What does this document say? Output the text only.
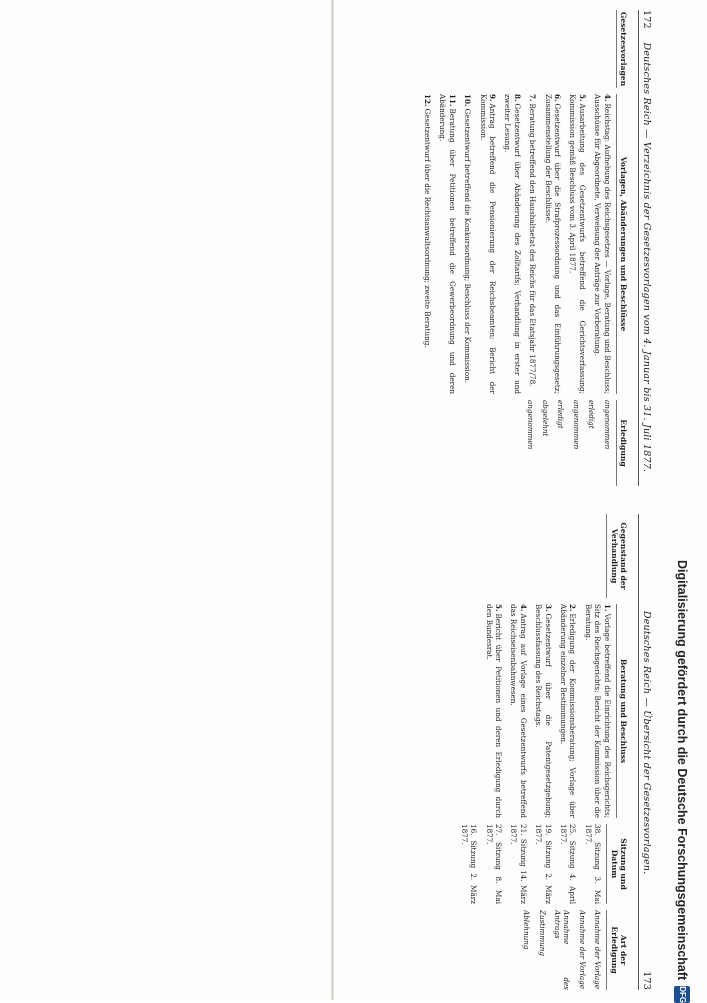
172
Deutsches Reich — Verzeichnis der Gesetzesvorlagen vom 4. Januar bis 31. Juli 1877.
Gesetzesvorlagen
Vorlagen, Abänderungen und Beschlüsse
4.Reichstag: Aufhebung des Reichsgesetzes — Vorlage, Beratung und Beschluss; Ausschüsse für Abgeordnete, Verweisung der Anträge zur Vorberatung.
5.Ausarbeitung des Gesetzentwurfs betreffend die Gerichtsverfassung; Kommission gemäß Beschluss vom 3. April 1877.
6.Gesetzentwurf über die Strafprozessordnung und das Einführungsgesetz; Zusammenstellung der Beschlüsse.
7.Beratung betreffend den Haushaltsetat des Reichs für das Etatsjahr 1877/78.
8.Gesetzentwurf über Abänderung des Zolltarifs; Verhandlung in erster und zweiter Lesung.
9.Antrag betreffend die Pensionierung der Reichsbeamten; Bericht der Kommission.
10.Gesetzentwurf betreffend die Konkursordnung; Beschluss der Kommission.
11.Beratung über Petitionen betreffend die Gewerbeordnung und deren Abänderung.
12.Gesetzentwurf über die Rechtsanwaltsordnung; zweite Beratung.
Erledigung
angenommen
erledigt
angenommen
erledigt
abgelehnt
angenommen
Deutsches Reich — Übersicht der Gesetzesvorlagen.
173
Gegenstand der Verhandlung
Beratung und Beschluss
1.Vorlage betreffend die Einrichtung des Reichsgerichts; Sitz des Reichsgerichts; Bericht der Kommission über die Beratung.
2.Erledigung der Kommissionsberatung; Vorlage über Abänderung einzelner Bestimmungen.
3.Gesetzentwurf über die Patentgesetzgebung; Beschlussfassung des Reichstags.
4.Antrag auf Vorlage eines Gesetzentwurfs betreffend das Reichseisenbahnwesen.
5.Bericht über Petitionen und deren Erledigung durch den Bundesrat.
Sitzung und Datum
38. Sitzung 3. Mai 1877.
25. Sitzung 4. April 1877.
19. Sitzung 2. März 1877.
21. Sitzung 14. März 1877.
27. Sitzung 8. Mai 1877.
16. Sitzung 2. März 1877.
Art der Erledigung
Annahme der Vorlage
Annahme der Vorlage
Annahme des Antrags
Zustimmung
Ablehnung	Digitalisierung gefördert durch die Deutsche Forschungsgemeinschaft
DFG
